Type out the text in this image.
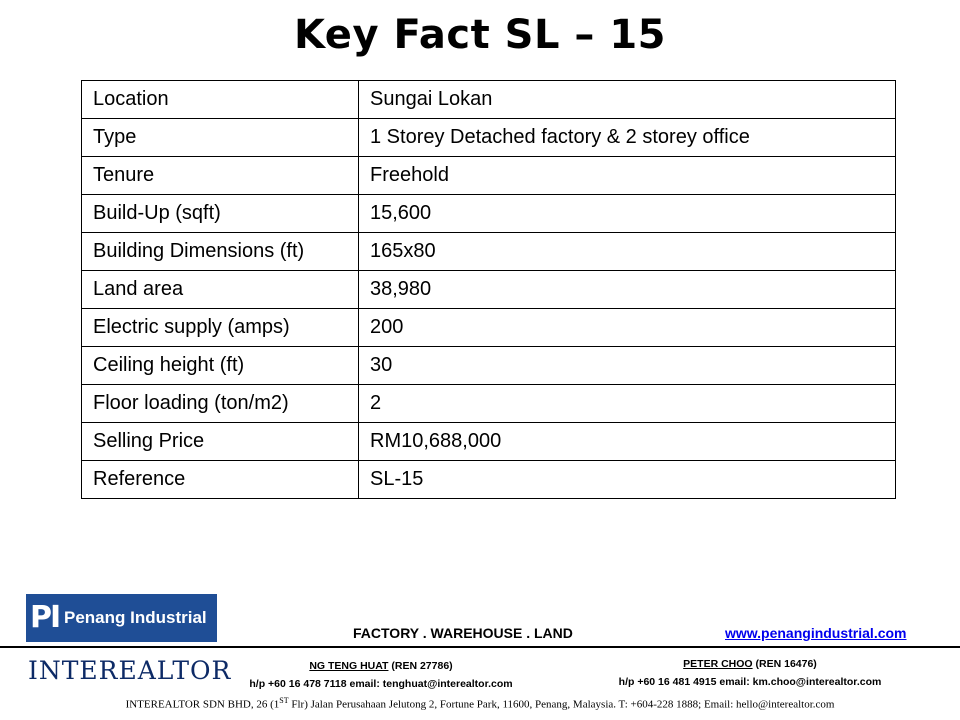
Key Fact SL – 15
Location	Sungai Lokan
Type	1 Storey Detached factory & 2 storey office
Tenure	Freehold
Build-Up (sqft)	15,600
Building Dimensions (ft)	165x80
Land area	38,980
Electric supply (amps)	200
Ceiling height (ft)	30
Floor loading (ton/m2)	2
Selling Price	RM10,688,000
Reference	SL-15
PI Penang Industrial
FACTORY . WAREHOUSE . LAND	www.penangindustrial.com
INTEREALTOR	NG TENG HUAT (REN 27786)
h/p +60 16 478 7118 email: tenghuat@interealtor.com
PETER CHOO (REN 16476)
h/p +60 16 481 4915 email: km.choo@interealtor.com
INTEREALTOR SDN BHD, 26 (1ST Flr) Jalan Perusahaan Jelutong 2, Fortune Park, 11600, Penang, Malaysia. T: +604-228 1888; Email: hello@interealtor.com
